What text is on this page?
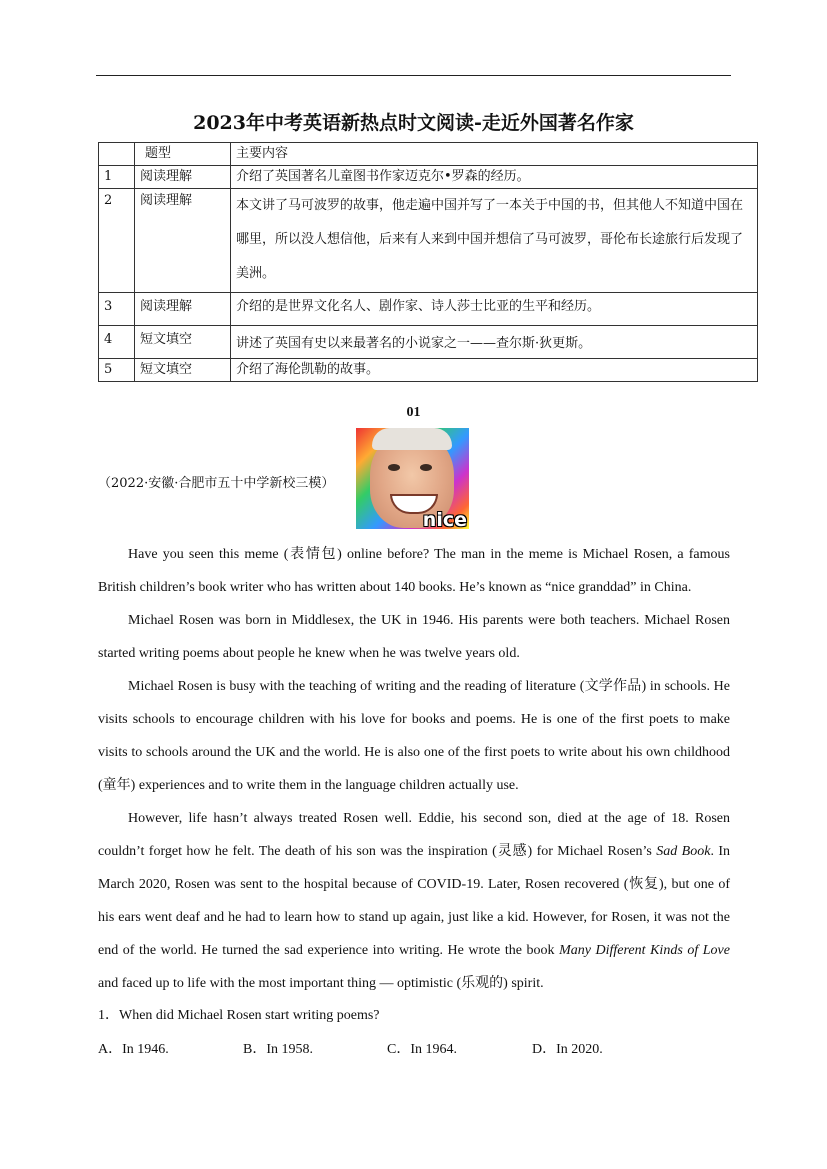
2023年中考英语新热点时文阅读-走近外国著名作家
	题型	主要内容
1	阅读理解	介绍了英国著名儿童图书作家迈克尔•罗森的经历。
2	阅读理解	本文讲了马可波罗的故事，他走遍中国并写了一本关于中国的书，但其他人不知道中国在哪里，所以没人想信他，后来有人来到中国并想信了马可波罗，哥伦布长途旅行后发现了美洲。
3	阅读理解	介绍的是世界文化名人、剧作家、诗人莎士比亚的生平和经历。
4	短文填空	讲述了英国有史以来最著名的小说家之一——查尔斯·狄更斯。
5	短文填空	介绍了海伦凯勒的故事。
01
nice
（2022·安徽·合肥市五十中学新校三模）

Have you seen this meme (表情包) online before? The man in the meme is Michael Rosen, a famous British children’s book writer who has written about 140 books. He’s known as “nice granddad” in China.

Michael Rosen was born in Middlesex, the UK in 1946. His parents were both teachers. Michael Rosen started writing poems about people he knew when he was twelve years old.

Michael Rosen is busy with the teaching of writing and the reading of literature (文学作品) in schools. He visits schools to encourage children with his love for books and poems. He is one of the first poets to make visits to schools around the UK and the world. He is also one of the first poets to write about his own childhood (童年) experiences and to write them in the language children actually use.

However, life hasn’t always treated Rosen well. Eddie, his second son, died at the age of 18. Rosen couldn’t forget how he felt. The death of his son was the inspiration (灵感) for Michael Rosen’s Sad Book. In March 2020, Rosen was sent to the hospital because of COVID-19. Later, Rosen recovered (恢复), but one of his ears went deaf and he had to learn how to stand up again, just like a kid. However, for Rosen, it was not the end of the world. He turned the sad experience into writing. He wrote the book Many Different Kinds of Love and faced up to life with the most important thing — optimistic (乐观的) spirit.

1．When did Michael Rosen start writing poems?
A．In 1946.	B．In 1958.	C．In 1964.	D．In 2020.
